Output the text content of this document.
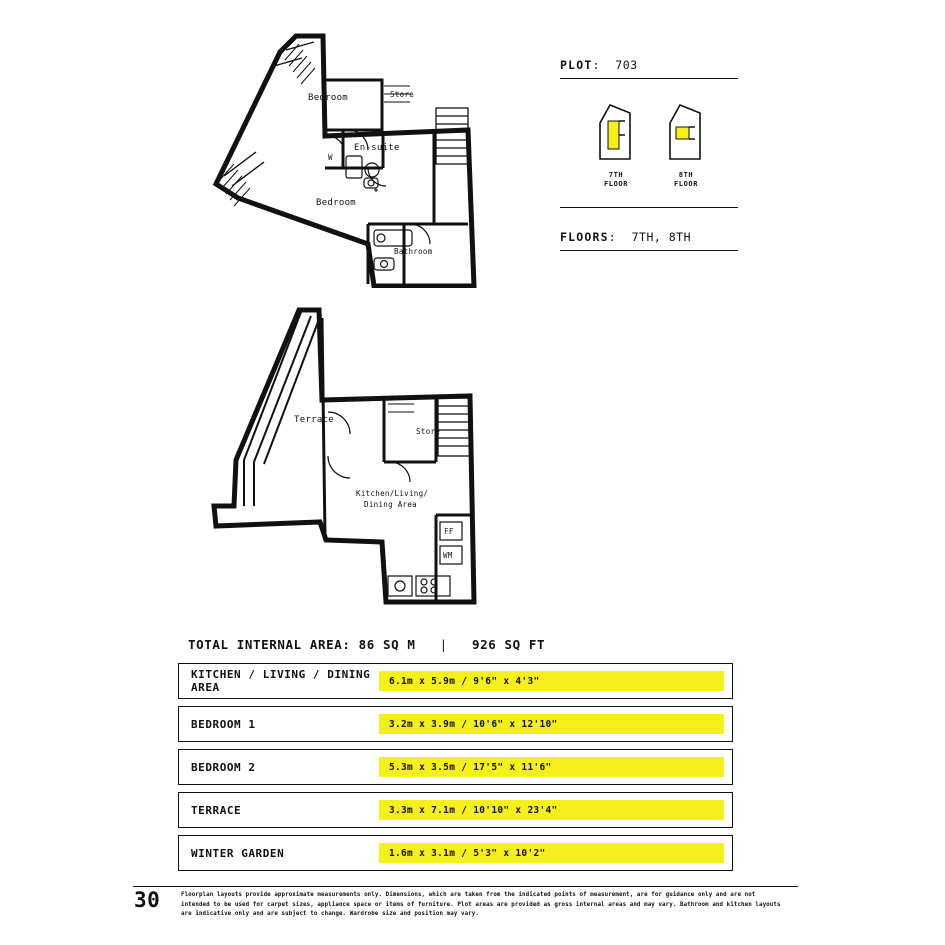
Bedroom	Store
En-suite
Bedroom
Bathroom
W
Terrace
Store
Kitchen/Living/
Dining Area
FF
WM
PLOT: 703
7TH
FLOOR
8TH
FLOOR
FLOORS: 7TH, 8TH
TOTAL INTERNAL AREA: 86 SQ M | 926 SQ FT
KITCHEN / LIVING / DINING AREA	6.1m x 5.9m / 9'6" x 4'3"
BEDROOM 1	3.2m x 3.9m / 10'6" x 12'10"
BEDROOM 2	5.3m x 3.5m / 17'5" x 11'6"
TERRACE	3.3m x 7.1m / 10'10" x 23'4"
WINTER GARDEN	1.6m x 3.1m / 5'3" x 10'2"
30	Floorplan layouts provide approximate measurements only. Dimensions, which are taken from the indicated points of measurement, are for guidance only and are not intended to be used for carpet sizes, appliance space or items of furniture. Plot areas are provided as gross internal areas and may vary. Bathroom and kitchen layouts are indicative only and are subject to change. Wardrobe size and position may vary.
